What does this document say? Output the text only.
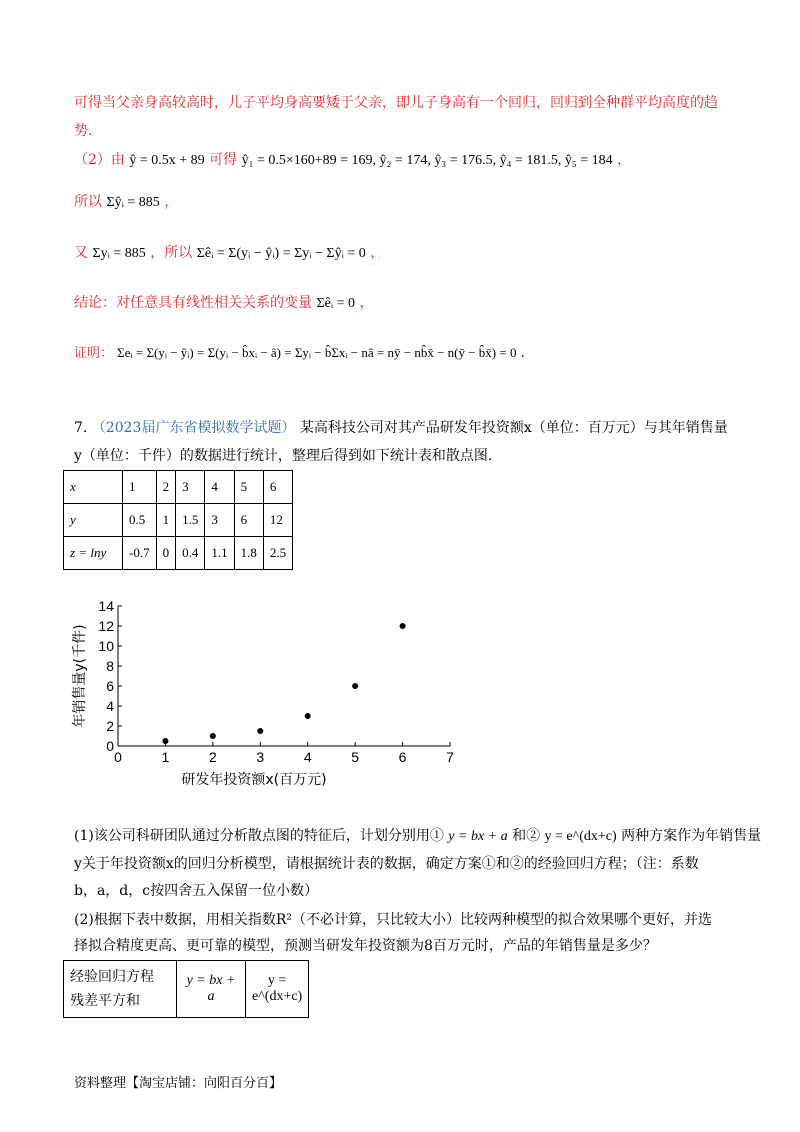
可得当父亲身高较高时，儿子平均身高要矮于父亲，即儿子身高有一个回归，回归到全种群平均高度的趋
势.
（2）由 ŷ = 0.5x + 89 可得 ŷ₁ = 0.5×160+89 = 169, ŷ₂ = 174, ŷ₃ = 176.5, ŷ₄ = 181.5, ŷ₅ = 184 ，
所以 Σŷᵢ = 885 ，
又 Σyᵢ = 885 ，所以 Σêᵢ = Σ(yᵢ − ŷᵢ) = Σyᵢ − Σŷᵢ = 0 ，
结论：对任意具有线性相关关系的变量 Σêᵢ = 0 ，
证明： Σeᵢ = Σ(yᵢ − ŷᵢ) = Σ(yᵢ − b̂xᵢ − â) = Σyᵢ − b̂Σxᵢ − nâ = nȳ − nb̂x̄ − n(ȳ − b̂x̄) = 0 .
7. （2023届广东省模拟数学试题） 某高科技公司对其产品研发年投资额x（单位：百万元）与其年销售量
y（单位：千件）的数据进行统计，整理后得到如下统计表和散点图.
x	1	2	3	4	5	6
y	0.5	1	1.5	3	6	12
z = lny	-0.7	0	0.4	1.1	1.8	2.5
0	1	2	3	4	5	6	7
0
2
4
6
8
10
12
14
研发年投资额x(百万元)
年销售量y(千件)
(1)该公司科研团队通过分析散点图的特征后，计划分别用① y = bx + a 和② y = e^(dx+c) 两种方案作为年销售量
y关于年投资额x的回归分析模型，请根据统计表的数据，确定方案①和②的经验回归方程；（注：系数
b，a，d，c按四舍五入保留一位小数）
(2)根据下表中数据，用相关指数R²（不必计算，只比较大小）比较两种模型的拟合效果哪个更好，并选
择拟合精度更高、更可靠的模型，预测当研发年投资额为8百万元时，产品的年销售量是多少？
经验回归方程
残差平方和
	y = bx + a	y = e^(dx+c)
资料整理【淘宝店铺：向阳百分百】
